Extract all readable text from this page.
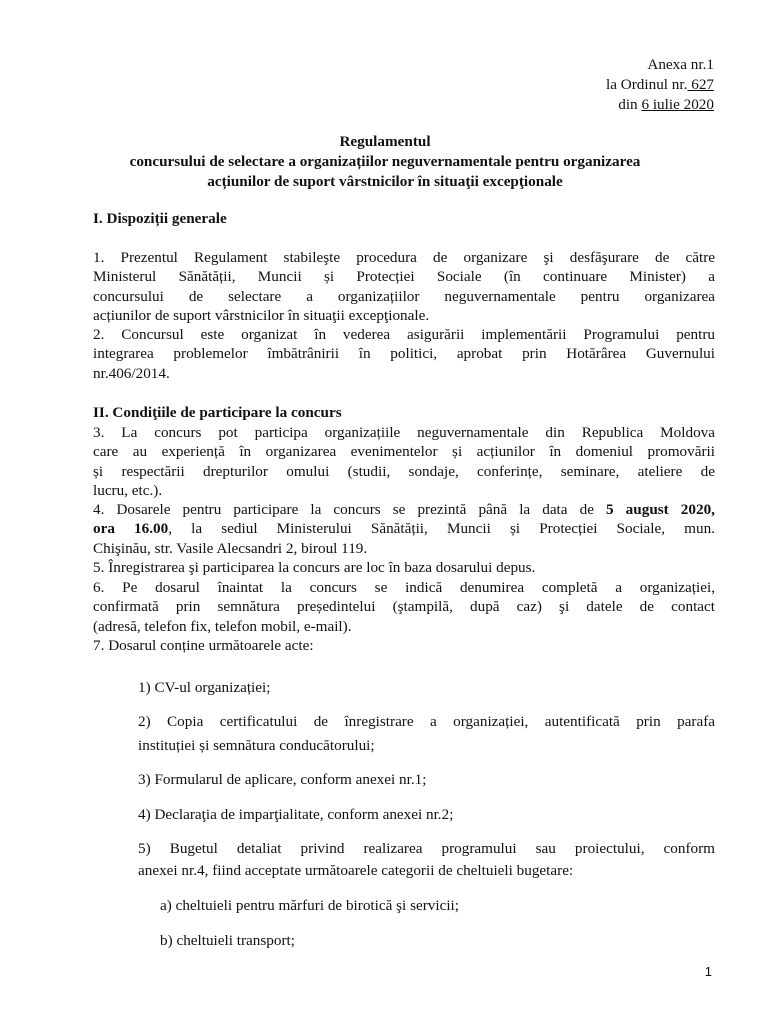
Anexa nr.1
la Ordinul nr. 627
din 6 iulie 2020
Regulamentul
concursului de selectare a organizațiilor neguvernamentale pentru organizarea
acțiunilor de suport vârstnicilor în situaţii excepţionale
I. Dispoziții generale
1. Prezentul Regulament stabileşte procedura de organizare şi desfăşurare de către
Ministerul Sănătății, Muncii și Protecției Sociale (în continuare Minister) a
concursului de selectare a organizațiilor neguvernamentale pentru organizarea
acțiunilor de suport vârstnicilor în situaţii excepţionale.
2. Concursul este organizat în vederea asigurării implementării Programului pentru
integrarea problemelor îmbătrânirii în politici, aprobat prin Hotărârea Guvernului
nr.406/2014.
II. Condiţiile de participare la concurs
3. La concurs pot participa organizațiile neguvernamentale din Republica Moldova
care au experiență în organizarea evenimentelor și acțiunilor în domeniul promovării
și respectării drepturilor omului (studii, sondaje, conferințe, seminare, ateliere de
lucru, etc.).
4. Dosarele pentru participare la concurs se prezintă până la data de 5 august 2020,
ora 16.00, la sediul Ministerului Sănătății, Muncii și Protecției Sociale, mun.
Chişinău, str. Vasile Alecsandri 2, biroul 119.
5. Înregistrarea şi participarea la concurs are loc în baza dosarului depus.
6. Pe dosarul înaintat la concurs se indică denumirea completă a organizației,
confirmată prin semnătura președintelui (ştampilă, după caz) şi datele de contact
(adresă, telefon fix, telefon mobil, e-mail).
7. Dosarul conține următoarele acte:
1) CV-ul organizației;
2) Copia certificatului de înregistrare a organizației, autentificată prin parafa
instituției și semnătura conducătorului;
3) Formularul de aplicare, conform anexei nr.1;
4) Declaraţia de imparţialitate, conform anexei nr.2;
5) Bugetul detaliat privind realizarea programului sau proiectului, conform
anexei nr.4, fiind acceptate următoarele categorii de cheltuieli bugetare:
a) cheltuieli pentru mărfuri de birotică şi servicii;
b) cheltuieli transport;
1
